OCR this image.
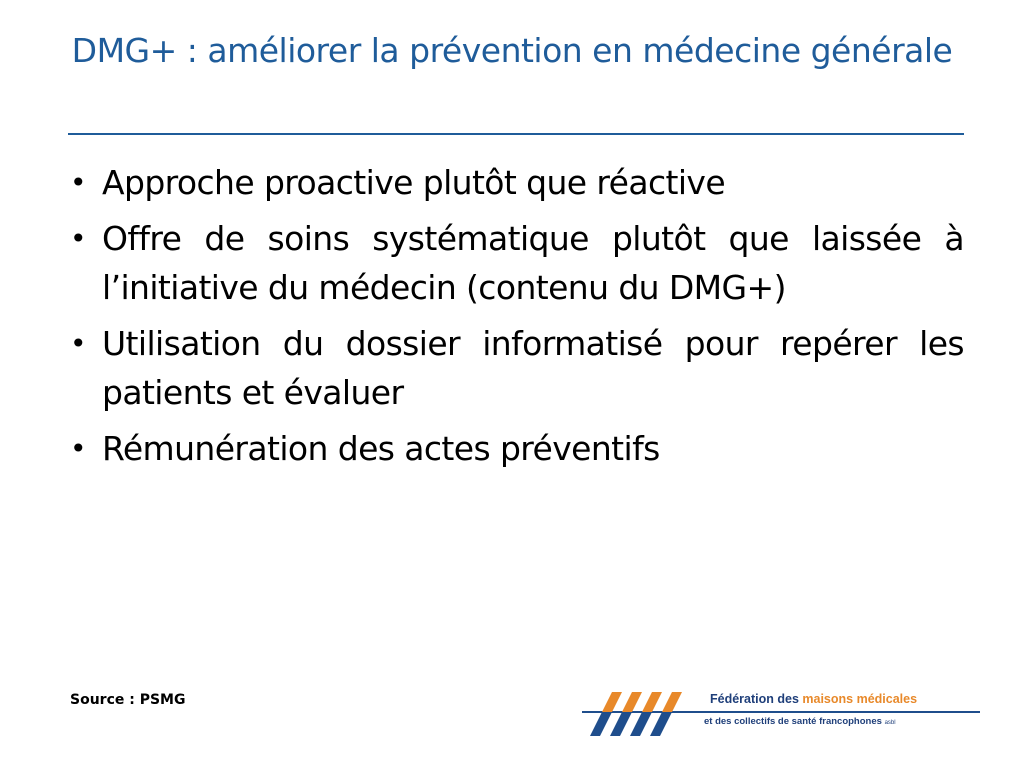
DMG+ : améliorer la prévention en médecine générale
• Approche proactive plutôt que réactive
• Offre de soins systématique plutôt que laissée à l’initiative du médecin (contenu du DMG+)
• Utilisation du dossier informatisé pour repérer les patients et évaluer
• Rémunération des actes préventifs
Source : PSMG	Fédération des maisons médicales
et des collectifs de santé francophones asbl
